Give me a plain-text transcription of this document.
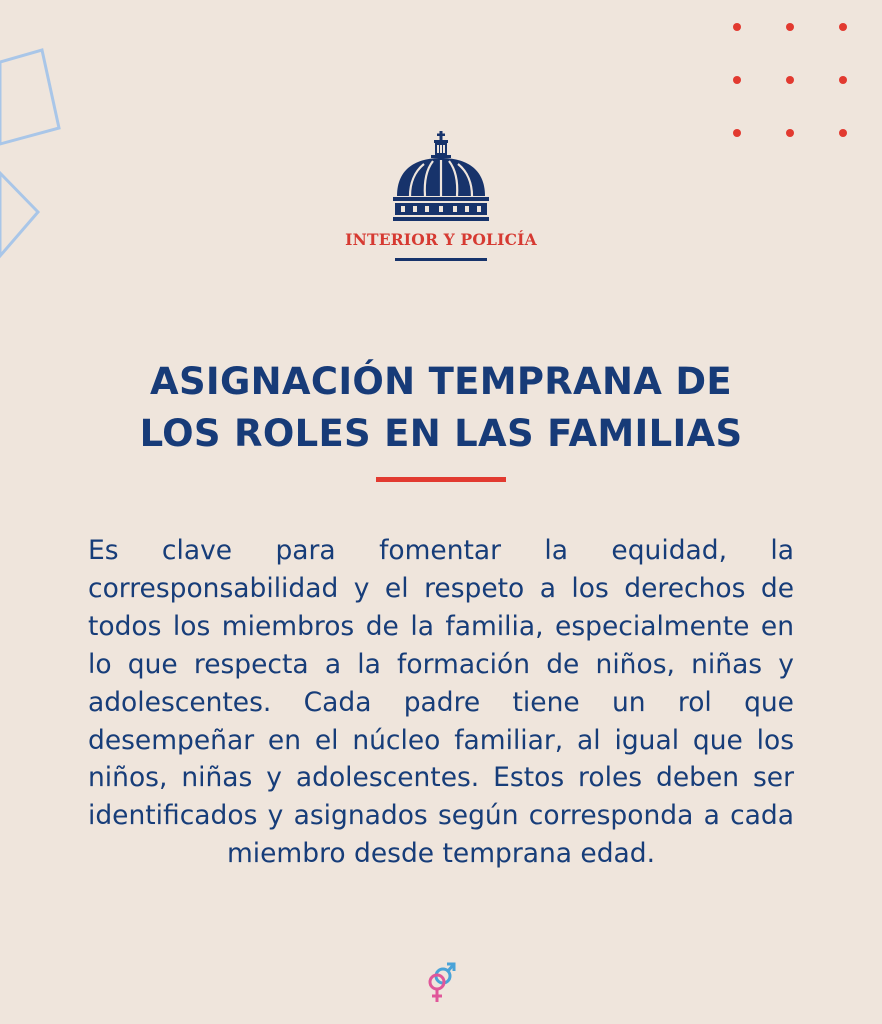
INTERIOR Y POLICÍA
ASIGNACIÓN TEMPRANA DE
LOS ROLES EN LAS FAMILIAS

Es clave para fomentar la equidad, la corresponsabilidad y el respeto a los derechos de todos los miembros de la familia, especialmente en lo que respecta a la formación de niños, niñas y adolescentes. Cada padre tiene un rol que desempeñar en el núcleo familiar, al igual que los niños, niñas y adolescentes. Estos roles deben ser identificados y asignados según corresponda a cada miembro desde temprana edad.
